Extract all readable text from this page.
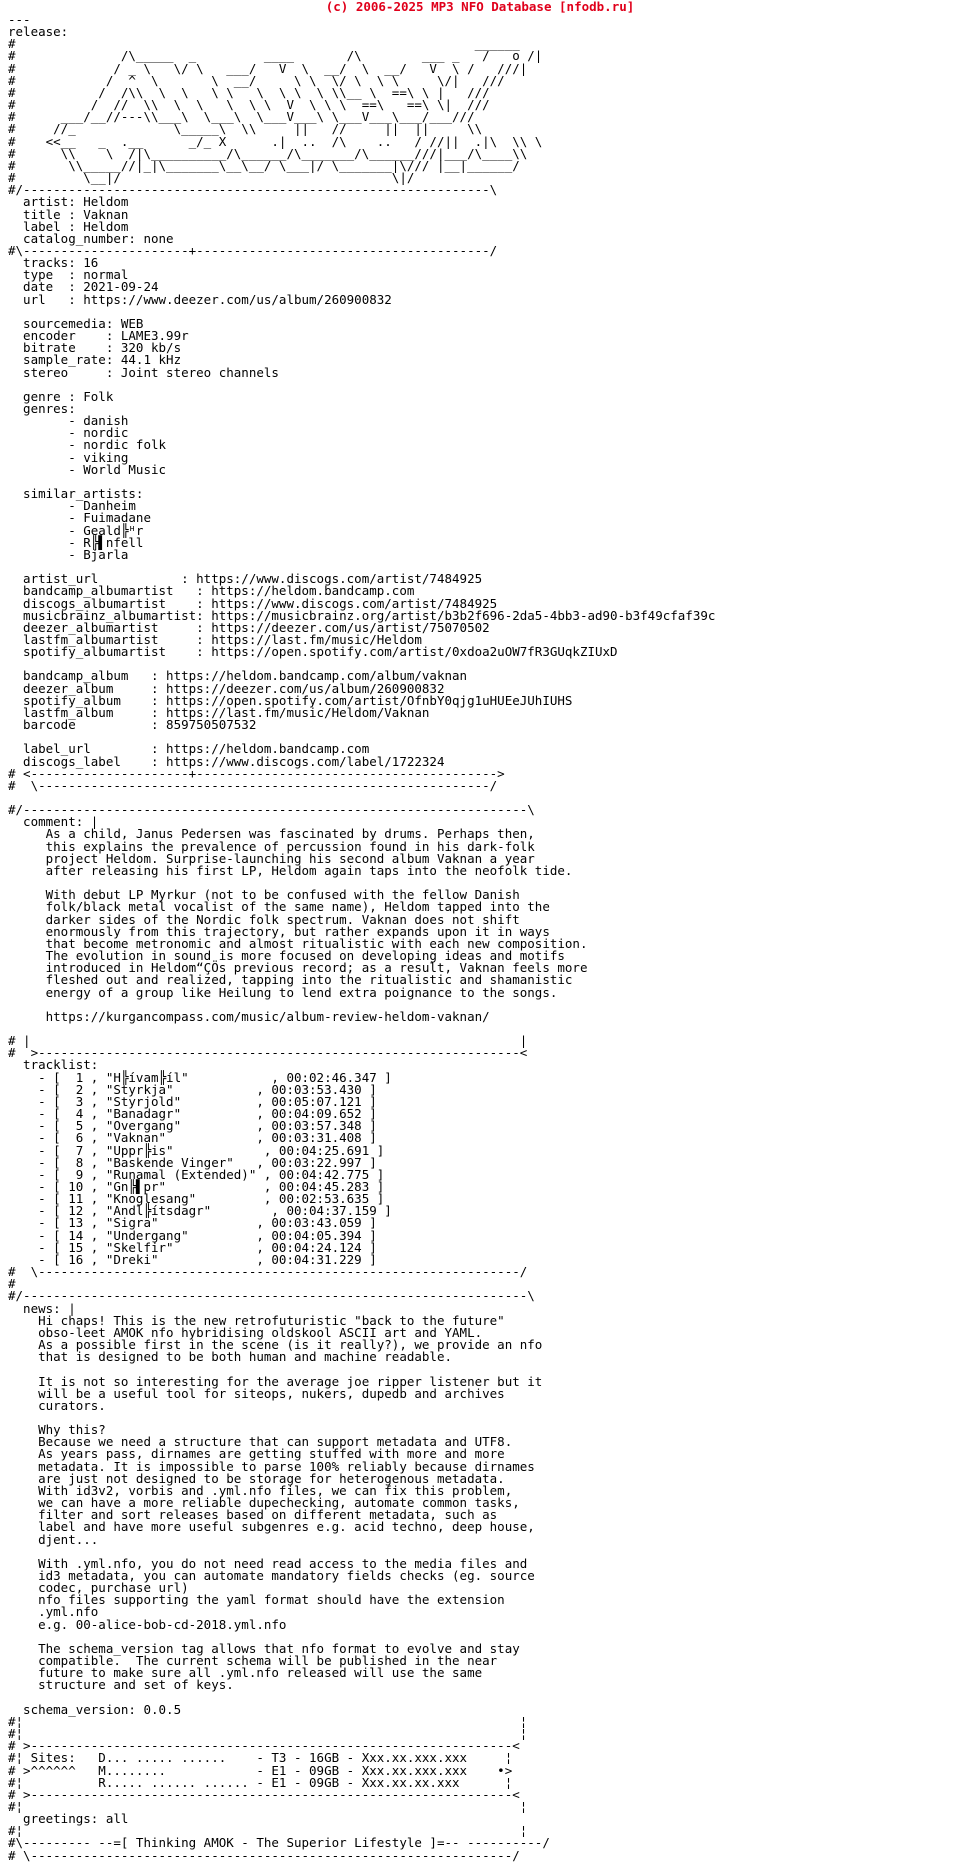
(c) 2006-2025 MP3 NFO Database [nfodb.ru]
---
release:
#                                                             ______
#              /\_____  _         ____       /\        ___ _   /   o /|
#             / _ \   \/ \   ___/   V  \  __/  \  __/   V  \ /   ///|
#            /  ^  \       \  __/     \ \  \/ \  \ \     \/|   ///
#           /  /\\  \  \   \ \   \  \ \  \ \\__ \  ==\ \ |   ///
#          /  //  \\  \  \   \  \ \  V  \ \ \  ==\   ==\ \|  ///
#      ___/__//---\\___\  \___\  \___V___\ \___V___\___/___///
#     //_             \_____\  \\     ||   //     ||  ||     \\
#    <<__   _  .__      _/_ X      .|  ..  /\    ..   / //||  .|\  \\ \
#      \\    \  /|\__________/\______/\_______/\______///|___/\____\\
#       \\_____//|_|\_______\__\__/ \___|/ \_______|\/// |__|______/
#         \__|/                                    \|/
#/--------------------------------------------------------------\
artist: Heldom
title : Vaknan
label : Heldom
catalog_number: none
#\----------------------+---------------------------------------/
tracks: 16
type  : normal
date  : 2021-09-24
url   : https://www.deezer.com/us/album/260900832

sourcemedia: WEB
encoder    : LAME3.99r
bitrate    : 320 kb/s
sample_rate: 44.1 kHz
stereo     : Joint stereo channels

genre : Folk
genres:
- danish
- nordic
- nordic folk
- viking
- World Music

similar_artists:
- Danheim
- Fuimadane
- Geald╠ᴴr
- R╠▌nfell
- Bjarla

artist_url           : https://www.discogs.com/artist/7484925
bandcamp_albumartist   : https://heldom.bandcamp.com
discogs_albumartist    : https://www.discogs.com/artist/7484925
musicbrainz_albumartist: https://musicbrainz.org/artist/b3b2f696-2da5-4bb3-ad90-b3f49cfaf39c
deezer_albumartist     : https://deezer.com/us/artist/75070502
lastfm_albumartist     : https://last.fm/music/Heldom
spotify_albumartist    : https://open.spotify.com/artist/0xdoa2uOW7fR3GUqkZIUxD

bandcamp_album   : https://heldom.bandcamp.com/album/vaknan
deezer_album     : https://deezer.com/us/album/260900832
spotify_album    : https://open.spotify.com/artist/OfnbY0qjg1uHUEeJUhIUHS
lastfm_album     : https://last.fm/music/Heldom/Vaknan
barcode          : 859750507532

label_url        : https://heldom.bandcamp.com
discogs_label    : https://www.discogs.com/label/1722324
# <---------------------+---------------------------------------->
#  \------------------------------------------------------------/

#/-------------------------------------------------------------------\
comment: |
As a child, Janus Pedersen was fascinated by drums. Perhaps then,
this explains the prevalence of percussion found in his dark-folk
project Heldom. Surprise-launching his second album Vaknan a year
after releasing his first LP, Heldom again taps into the neofolk tide.

With debut LP Myrkur (not to be confused with the fellow Danish
folk/black metal vocalist of the same name), Heldom tapped into the
darker sides of the Nordic folk spectrum. Vaknan does not shift
enormously from this trajectory, but rather expands upon it in ways
that become metronomic and almost ritualistic with each new composition.
The evolution in sound is more focused on developing ideas and motifs
introduced in Heldom“ÇÖs previous record; as a result, Vaknan feels more
fleshed out and realized, tapping into the ritualistic and shamanistic
energy of a group like Heilung to lend extra poignance to the songs.

https://kurgancompass.com/music/album-review-heldom-vaknan/

# |                                                                 |
#  >----------------------------------------------------------------<
tracklist:
- [  1 , "H╠ívam╠íl"           , 00:02:46.347 ]
- [  2 , "Styrkja"           , 00:03:53.430 ]
- [  3 , "Styrjold"          , 00:05:07.121 ]
- [  4 , "Banadagr"          , 00:04:09.652 ]
- [  5 , "Overgang"          , 00:03:57.348 ]
- [  6 , "Vaknan"            , 00:03:31.408 ]
- [  7 , "Uppr╠is"            , 00:04:25.691 ]
- [  8 , "Baskende Vinger"   , 00:03:22.997 ]
- [  9 , "Runamal (Extended)" , 00:04:42.775 ]
- [ 10 , "Gn╠▌pr"             , 00:04:45.283 ]
- [ 11 , "Knoglesang"         , 00:02:53.635 ]
- [ 12 , "Andl╠ítsdagr"        , 00:04:37.159 ]
- [ 13 , "Sigra"             , 00:03:43.059 ]
- [ 14 , "Undergang"         , 00:04:05.394 ]
- [ 15 , "Skelfir"           , 00:04:24.124 ]
- [ 16 , "Dreki"             , 00:04:31.229 ]
#  \----------------------------------------------------------------/
#
#/-------------------------------------------------------------------\
news: |
Hi chaps! This is the new retrofuturistic "back to the future"
obso-leet AMOK nfo hybridising oldskool ASCII art and YAML.
As a possible first in the scene (is it really?), we provide an nfo
that is designed to be both human and machine readable.

It is not so interesting for the average joe ripper listener but it
will be a useful tool for siteops, nukers, dupedb and archives
curators.

Why this?
Because we need a structure that can support metadata and UTF8.
As years pass, dirnames are getting stuffed with more and more
metadata. It is impossible to parse 100% reliably because dirnames
are just not designed to be storage for heterogenous metadata.
With id3v2, vorbis and .yml.nfo files, we can fix this problem,
we can have a more reliable dupechecking, automate common tasks,
filter and sort releases based on different metadata, such as
label and have more useful subgenres e.g. acid techno, deep house,
djent...

With .yml.nfo, you do not need read access to the media files and
id3 metadata, you can automate mandatory fields checks (eg. source
codec, purchase url)
nfo files supporting the yaml format should have the extension
.yml.nfo
e.g. 00-alice-bob-cd-2018.yml.nfo

The schema_version tag allows that nfo format to evolve and stay
compatible.  The current schema will be published in the near
future to make sure all .yml.nfo released will use the same
structure and set of keys.

schema_version: 0.0.5
#¦                                                                  ¦
#¦                                                                  ¦
# >----------------------------------------------------------------<
#¦ Sites:   D... ..... ......    - T3 - 16GB - Xxx.xx.xxx.xxx     ¦
# >^^^^^^   M........            - E1 - 09GB - Xxx.xx.xxx.xxx    •>
#¦          R..... ...... ...... - E1 - 09GB - Xxx.xx.xx.xxx      ¦
# >----------------------------------------------------------------<
#¦                                                                  ¦
greetings: all
#¦                                                                  ¦
#\--------- --=[ Thinking AMOK - The Superior Lifestyle ]=-- ----------/
# \----------------------------------------------------------------/
